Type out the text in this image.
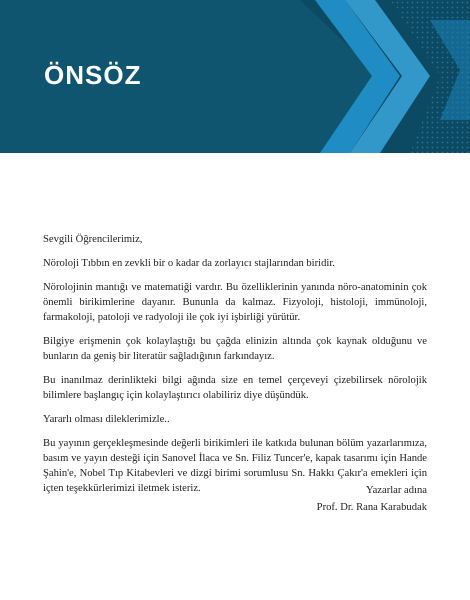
ÖNSÖZ

Sevgili Öğrencilerimiz,

Nöroloji Tıbbın en zevkli bir o kadar da zorlayıcı stajlarından biridir.

Nörolojinin mantığı ve matematiği vardır. Bu özelliklerinin yanında nöro-anatominin çok önemli birikimlerine dayanır. Bununla da kalmaz. Fizyoloji, histoloji, immünoloji, farmakoloji, patoloji ve radyoloji ile çok iyi işbirliği yürütür.

Bilgiye erişmenin çok kolaylaştığı bu çağda elinizin altında çok kaynak olduğunu ve bunların da geniş bir literatür sağladığının farkındayız.

Bu inanılmaz derinlikteki bilgi ağında size en temel çerçeveyi çizebilirsek nörolojik bilimlere başlangıç için kolaylaştırıcı olabiliriz diye düşündük.

Yararlı olması dileklerimizle..

Bu yayının gerçekleşmesinde değerli birikimleri ile katkıda bulunan bölüm yazarlarımıza, basım ve yayın desteği için Sanovel İlaca ve Sn. Filiz Tuncer'e, kapak tasarımı için Hande Şahin'e, Nobel Tıp Kitabevleri ve dizgi birimi sorumlusu Sn. Hakkı Çakır'a emekleri için içten teşekkürlerimizi iletmek isteriz.	Yazarlar adına
Prof. Dr. Rana Karabudak
